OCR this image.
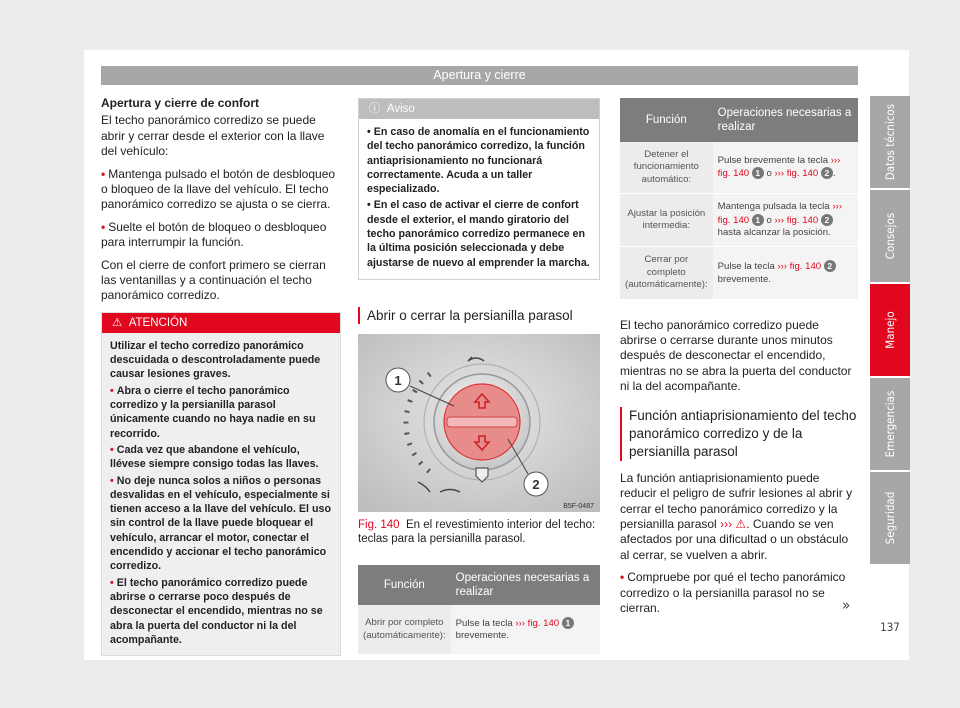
Apertura y cierre
Apertura y cierre de confort

El techo panorámico corredizo se puede abrir y cerrar desde el exterior con la llave del vehículo:

• Mantenga pulsado el botón de desbloqueo o bloqueo de la llave del vehículo. El techo panorámico corredizo se ajusta o se cierra.

• Suelte el botón de bloqueo o desbloqueo para interrumpir la función.

Con el cierre de confort primero se cierran las ventanillas y a continuación el techo panorámico corredizo.

⚠ ATENCIÓN

Utilizar el techo corredizo panorámico descuidada o descontroladamente puede causar lesiones graves.

• Abra o cierre el techo panorámico corredizo y la persianilla parasol únicamente cuando no haya nadie en su recorrido.

• Cada vez que abandone el vehículo, llévese siempre consigo todas las llaves.

• No deje nunca solos a niños o personas desvalidas en el vehículo, especialmente si tienen acceso a la llave del vehículo. El uso sin control de la llave puede bloquear el vehículo, arrancar el motor, conectar el encendido y accionar el techo panorámico corredizo.

• El techo panorámico corredizo puede abrirse o cerrarse poco después de desconectar el encendido, mientras no se abra la puerta del conductor ni la del acompañante.

ⓘ Aviso

• En caso de anomalía en el funcionamiento del techo panorámico corredizo, la función antiaprisionamiento no funcionará correctamente. Acuda a un taller especializado.

• En el caso de activar el cierre de confort desde el exterior, el mando giratorio del techo panorámico corredizo permanece en la última posición seleccionada y debe ajustarse de nuevo al emprender la marcha.

Abrir o cerrar la persianilla parasol
1
2
B5F-0487
Fig. 140 En el revestimiento interior del techo: teclas para la persianilla parasol.
Función	Operaciones necesarias a realizar
Abrir por completo (automáticamente):	Pulse la tecla ››› fig. 140 1 brevemente.
Función	Operaciones necesarias a realizar
Detener el funcionamiento automático:	Pulse brevemente la tecla ››› fig. 140 1 o ››› fig. 140 2 .
Ajustar la posición intermedia:	Mantenga pulsada la tecla ››› fig. 140 1 o ››› fig. 140 2 hasta alcanzar la posición.
Cerrar por completo (automáticamente):	Pulse la tecla ››› fig. 140 2 brevemente.

El techo panorámico corredizo puede abrirse o cerrarse durante unos minutos después de desconectar el encendido, mientras no se abra la puerta del conductor ni la del acompañante.

Función antiaprisionamiento del techo panorámico corredizo y de la persianilla parasol

La función antiaprisionamiento puede reducir el peligro de sufrir lesiones al abrir y cerrar el techo panorámico corredizo y la persianilla parasol ››› ⚠. Cuando se ven afectados por una dificultad o un obstáculo al cerrar, se vuelven a abrir.

• Compruebe por qué el techo panorámico corredizo o la persianilla parasol no se cierran.	»
Datos técnicos
Consejos
Manejo
Emergencias
Seguridad
137
